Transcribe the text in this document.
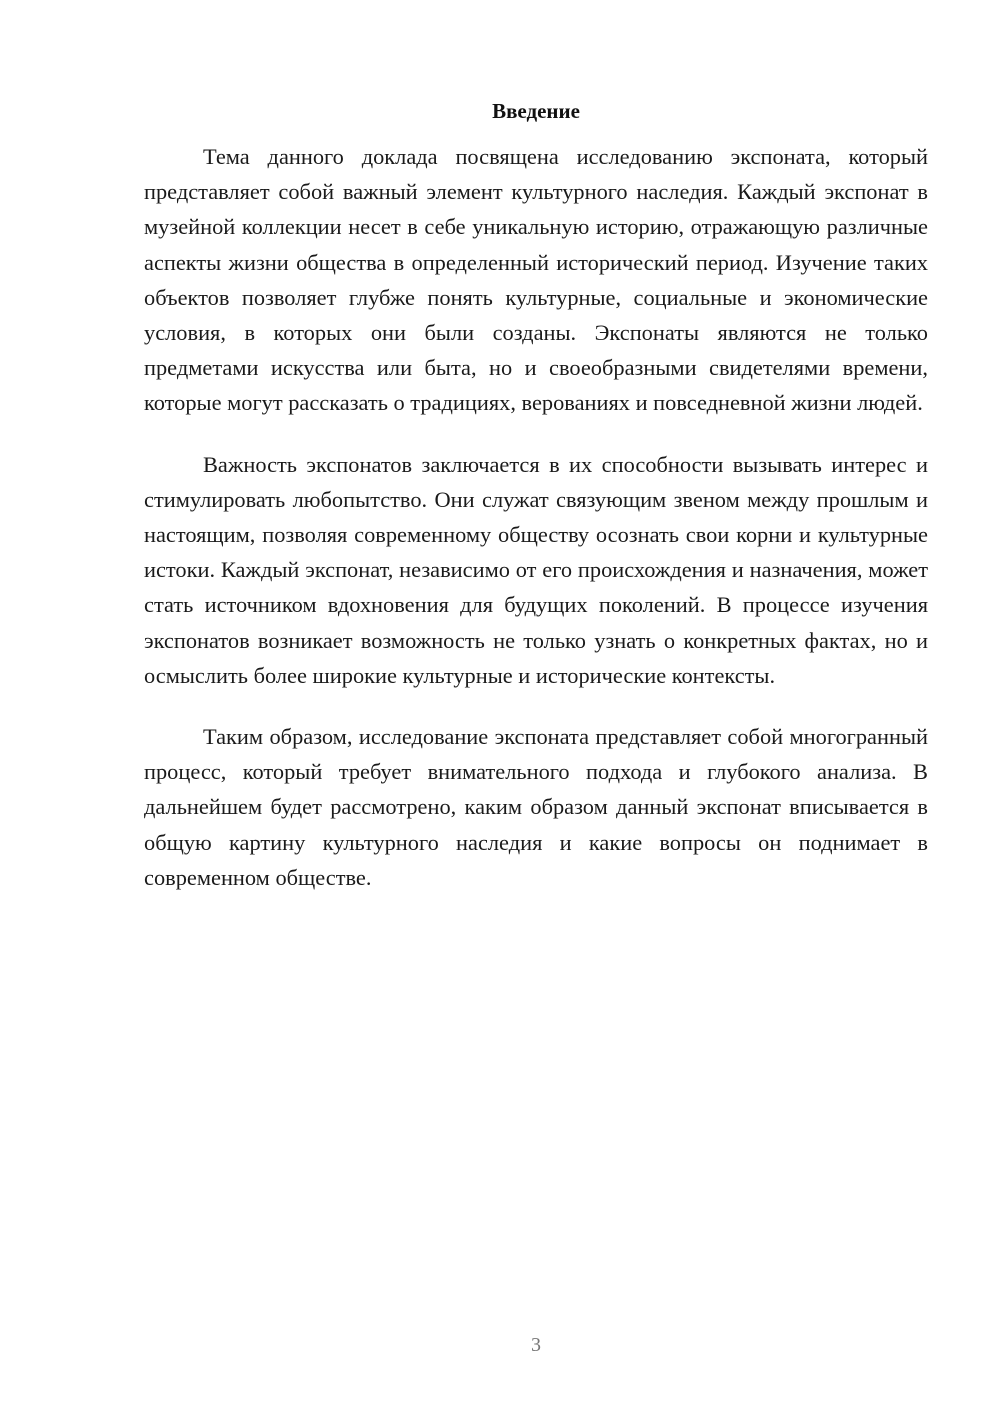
Введение

Тема данного доклада посвящена исследованию экспоната, который представляет собой важный элемент культурного наследия. Каждый экспонат в музейной коллекции несет в себе уникальную историю, отражающую различные аспекты жизни общества в определенный исторический период. Изучение таких объектов позволяет глубже понять культурные, социальные и экономические условия, в которых они были созданы. Экспонаты являются не только предметами искусства или быта, но и своеобразными свидетелями времени, которые могут рассказать о традициях, верованиях и повседневной жизни людей.

Важность экспонатов заключается в их способности вызывать интерес и стимулировать любопытство. Они служат связующим звеном между прошлым и настоящим, позволяя современному обществу осознать свои корни и культурные истоки. Каждый экспонат, независимо от его происхождения и назначения, может стать источником вдохновения для будущих поколений. В процессе изучения экспонатов возникает возможность не только узнать о конкретных фактах, но и осмыслить более широкие культурные и исторические контексты.

Таким образом, исследование экспоната представляет собой многогранный процесс, который требует внимательного подхода и глубокого анализа. В дальнейшем будет рассмотрено, каким образом данный экспонат вписывается в общую картину культурного наследия и какие вопросы он поднимает в современном обществе.

3
